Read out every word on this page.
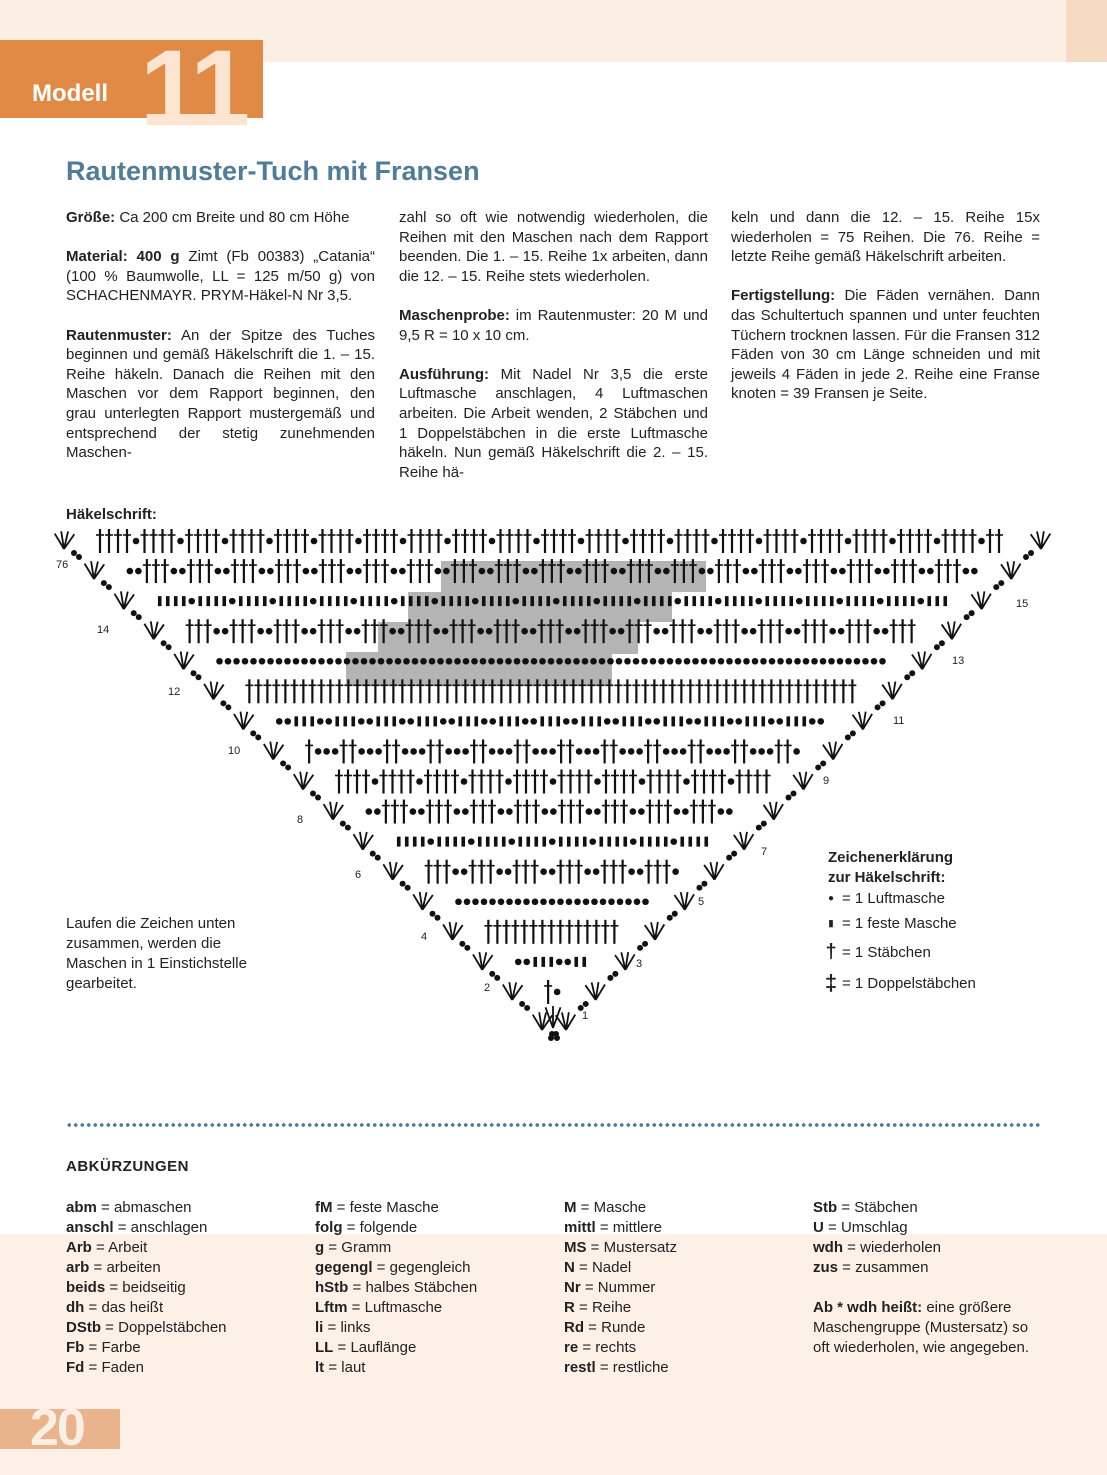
11
Modell
Rautenmuster-Tuch mit Fransen

Größe: Ca 200 cm Breite und 80 cm Höhe

Material: 400 g Zimt (Fb 00383) „Catania“ (100 % Baumwolle, LL = 125 m/50 g) von SCHACHENMAYR. PRYM-Häkel-N Nr 3,5.

Rautenmuster: An der Spitze des Tuches beginnen und gemäß Häkelschrift die 1. – 15. Reihe häkeln. Danach die Reihen mit den Maschen vor dem Rapport beginnen, den grau unterlegten Rapport mustergemäß und entsprechend der stetig zunehmenden Maschen-

zahl so oft wie notwendig wiederholen, die Reihen mit den Maschen nach dem Rapport beenden. Die 1. – 15. Reihe 1x arbeiten, dann die 12. – 15. Reihe stets wiederholen.

Maschenprobe: im Rautenmuster: 20 M und 9,5 R = 10 x 10 cm.

Ausführung: Mit Nadel Nr 3,5 die erste Luftmasche anschlagen, 4 Luftmaschen arbeiten. Die Arbeit wenden, 2 Stäbchen und 1 Doppelstäbchen in die erste Luftmasche häkeln. Nun gemäß Häkelschrift die 2. – 15. Reihe hä-

keln und dann die 12. – 15. Reihe 15x wiederholen = 75 Reihen. Die 76. Reihe = letzte Reihe gemäß Häkelschrift arbeiten.

Fertigstellung: Die Fäden vernähen. Dann das Schultertuch spannen und unter feuchten Tüchern trocknen lassen. Für die Fransen 312 Fäden von 30 cm Länge schneiden und mit jeweils 4 Fäden in jede 2. Reihe eine Franse knoten = 39 Fransen je Seite.

Häkelschrift:
76
15
14
13
12
11
10
9
8
7
6
5
4
3
2
1
Zeichenerklärung
zur Häkelschrift:
● = 1 Luftmasche
▮ = 1 feste Masche
† = 1 Stäbchen
‡ = 1 Doppelstäbchen
Laufen die Zeichen unten zusammen, werden die Maschen in 1 Einstichstelle gearbeitet.
ABKÜRZUNGEN
abm = abmaschen
anschl = anschlagen
Arb = Arbeit
arb = arbeiten
beids = beidseitig
dh = das heißt
DStb = Doppelstäbchen
Fb = Farbe
Fd = Faden
fM = feste Masche
folg = folgende
g = Gramm
gegengl = gegengleich
hStb = halbes Stäbchen
Lftm = Luftmasche
li = links
LL = Lauflänge
lt = laut
M = Masche
mittl = mittlere
MS = Mustersatz
N = Nadel
Nr = Nummer
R = Reihe
Rd = Runde
re = rechts
restl = restliche
Stb = Stäbchen
U = Umschlag
wdh = wiederholen
zus = zusammen
Ab * wdh heißt: eine größere Maschengruppe (Mustersatz) so oft wiederholen, wie angegeben.
20
